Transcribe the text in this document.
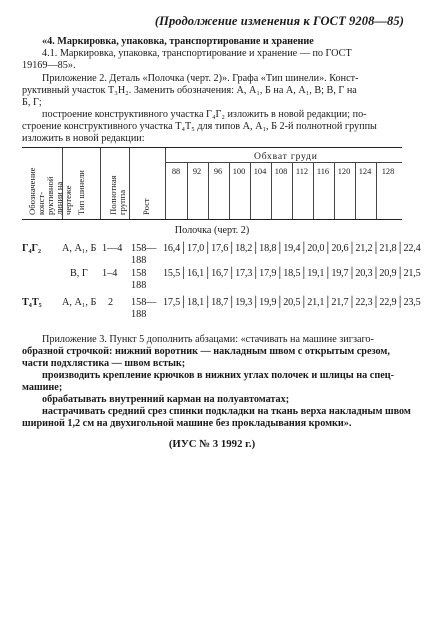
(Продолжение изменения к ГОСТ 9208—85)
«4. Маркировка, упаковка, транспортирование и хранение
4.1. Маркировка, упаковка, транспортирование и хранение — по ГОСТ
19169—85».
Приложение 2. Деталь «Полочка (черт. 2)». Графа «Тип шинели». Конст-
руктивный участок Т₃Н₂. Заменить обозначения: А, А₁, Б на А, А₁, В; В, Г на
Б, Г;
построение конструктивного участка Г₄Г₂ изложить в новой редакции; по-
строение конструктивного участка Т₄Т₅ для типов А, А₁, Б 2-й полнотной группы
изложить в новой редакции:
Обозначение конст-
руктивной линии на
чертеже Тип шинели	Полнотная группа Рост
Обхват груди
88	92	96	100	104	108	112	116	120	124	128
Полочка (черт. 2)
Г₄Г₂ А, А₁, Б 1—4 158—
188
16,4│17,0│17,6│18,2│18,8│19,4│20,0│20,6│21,2│21,8│22,4
В, Г 1–4 158
188
15,5│16,1│16,7│17,3│17,9│18,5│19,1│19,7│20,3│20,9│21,5
Т₄Т₅ А, А₁, Б 2 158—
188
17,5│18,1│18,7│19,3│19,9│20,5│21,1│21,7│22,3│22,9│23,5
Приложение 3. Пункт 5 дополнить абзацами: «стачивать на машине зигзаго-
образной строчкой: нижний воротник — накладным швом с открытым срезом,
части подхлястика — швом встык;
производить крепление крючков в нижних углах полочек и шлицы на спец-
машине;
обрабатывать внутренний карман на полуавтоматах;
настрачивать средний срез спинки подкладки на ткань верха накладным швом
шириной 1,2 см на двухигольной машине без прокладывания кромки».
(ИУС № 3 1992 г.)
